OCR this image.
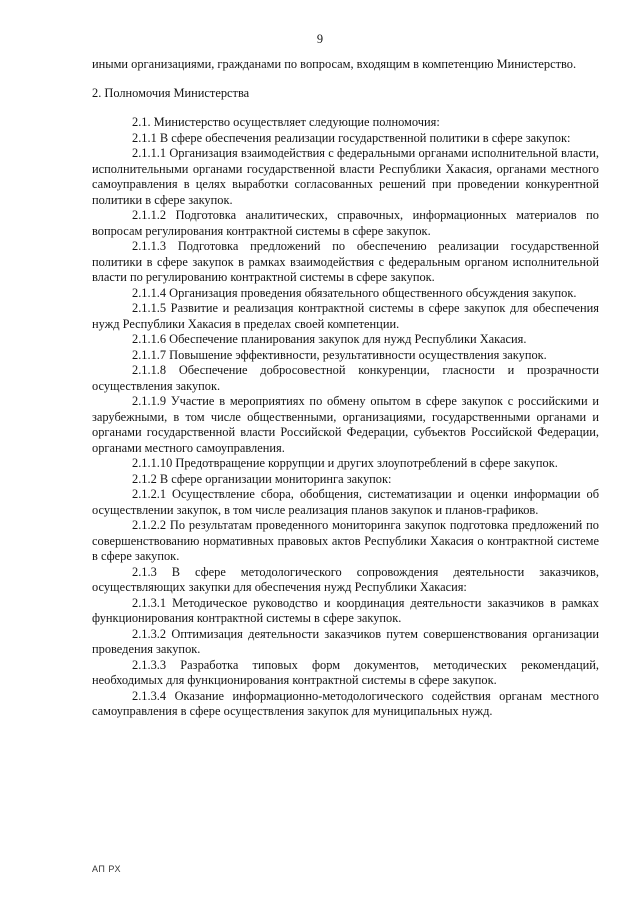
9

иными организациями, гражданами по вопросам, входящим в компетенцию Министерство.

2. Полномочия Министерства

2.1. Министерство осуществляет следующие полномочия:

2.1.1 В сфере обеспечения реализации государственной политики в сфере закупок:

2.1.1.1 Организация взаимодействия с федеральными органами исполнительной власти, исполнительными органами государственной власти Республики Хакасия, органами местного самоуправления в целях выработки согласованных решений при проведении конкурентной политики в сфере закупок.

2.1.1.2 Подготовка аналитических, справочных, информационных материалов по вопросам регулирования контрактной системы в сфере закупок.

2.1.1.3 Подготовка предложений по обеспечению реализации государственной политики в сфере закупок в рамках взаимодействия с федеральным органом исполнительной власти по регулированию контрактной системы в сфере закупок.

2.1.1.4 Организация проведения обязательного общественного обсуждения закупок.

2.1.1.5 Развитие и реализация контрактной системы в сфере закупок для обеспечения нужд Республики Хакасия в пределах своей компетенции.

2.1.1.6 Обеспечение планирования закупок для нужд Республики Хакасия.

2.1.1.7 Повышение эффективности, результативности осуществления закупок.

2.1.1.8 Обеспечение добросовестной конкуренции, гласности и прозрачности осуществления закупок.

2.1.1.9 Участие в мероприятиях по обмену опытом в сфере закупок с российскими и зарубежными, в том числе общественными, организациями, государственными органами и органами государственной власти Российской Федерации, субъектов Российской Федерации, органами местного самоуправления.

2.1.1.10 Предотвращение коррупции и других злоупотреблений в сфере закупок.

2.1.2 В сфере организации мониторинга закупок:

2.1.2.1 Осуществление сбора, обобщения, систематизации и оценки информации об осуществлении закупок, в том числе реализация планов закупок и планов-графиков.

2.1.2.2 По результатам проведенного мониторинга закупок подготовка предложений по совершенствованию нормативных правовых актов Республики Хакасия о контрактной системе в сфере закупок.

2.1.3 В сфере методологического сопровождения деятельности заказчиков, осуществляющих закупки для обеспечения нужд Республики Хакасия:

2.1.3.1 Методическое руководство и координация деятельности заказчиков в рамках функционирования контрактной системы в сфере закупок.

2.1.3.2 Оптимизация деятельности заказчиков путем совершенствования организации проведения закупок.

2.1.3.3 Разработка типовых форм документов, методических рекомендаций, необходимых для функционирования контрактной системы в сфере закупок.

2.1.3.4 Оказание информационно-методологического содействия органам местного самоуправления в сфере осуществления закупок для муниципальных нужд.

АП РХ
